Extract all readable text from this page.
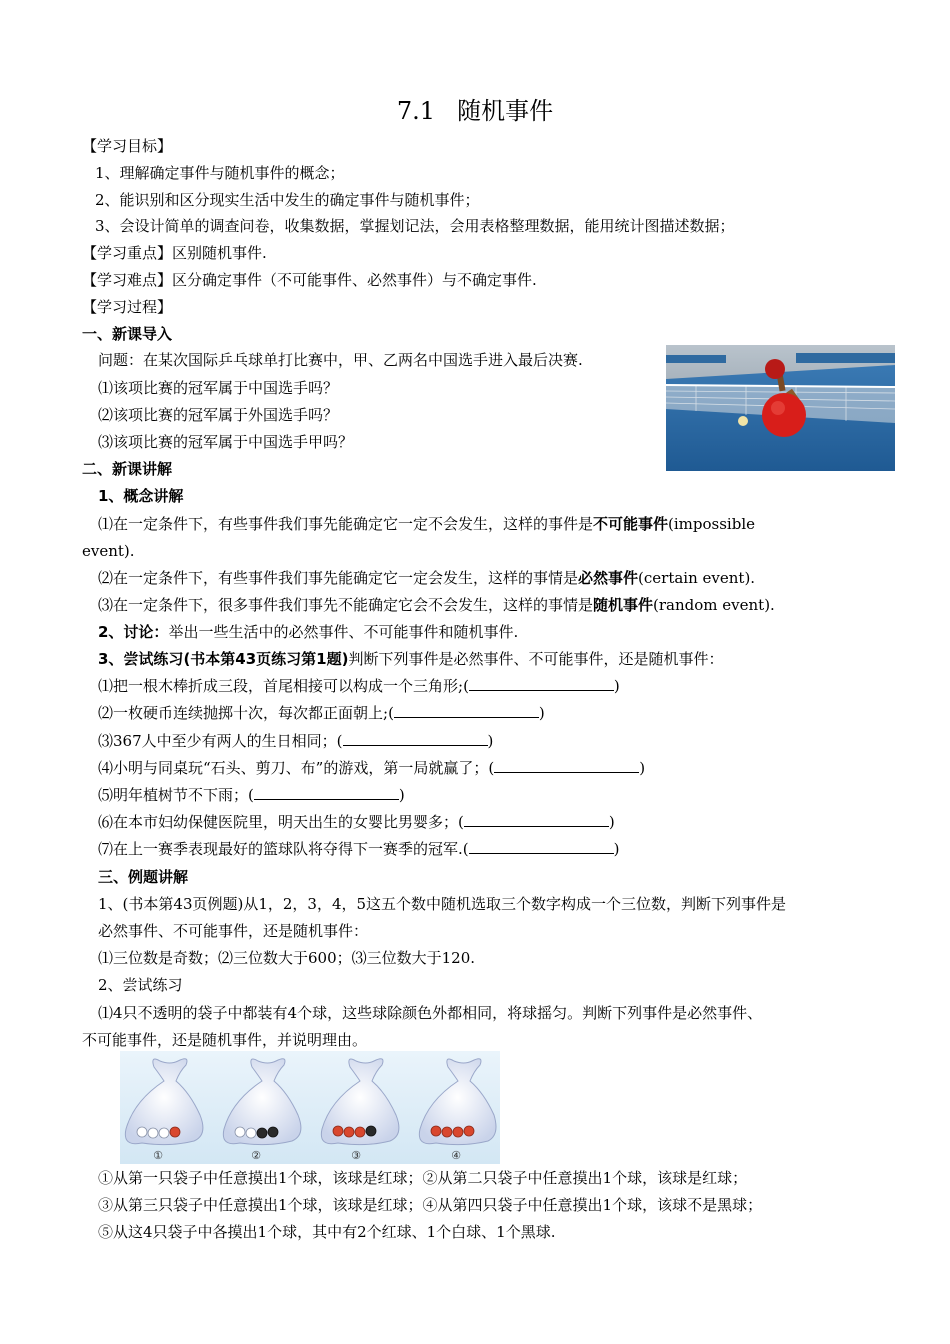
7.1 随机事件
【学习目标】
1、理解确定事件与随机事件的概念；
2、能识别和区分现实生活中发生的确定事件与随机事件；
3、会设计简单的调查问卷，收集数据，掌握划记法，会用表格整理数据，能用统计图描述数据；
【学习重点】区别随机事件.
【学习难点】区分确定事件（不可能事件、必然事件）与不确定事件.
【学习过程】
一、新课导入
问题：在某次国际乒乓球单打比赛中，甲、乙两名中国选手进入最后决赛.
⑴该项比赛的冠军属于中国选手吗？
⑵该项比赛的冠军属于外国选手吗？
⑶该项比赛的冠军属于中国选手甲吗？
二、新课讲解
1、概念讲解
⑴在一定条件下，有些事件我们事先能确定它一定不会发生，这样的事件是不可能事件(impossible
event).
⑵在一定条件下，有些事件我们事先能确定它一定会发生，这样的事情是必然事件(certain event).
⑶在一定条件下，很多事件我们事先不能确定它会不会发生，这样的事情是随机事件(random event).
2、讨论：举出一些生活中的必然事件、不可能事件和随机事件.
3、尝试练习(书本第43页练习第1题)判断下列事件是必然事件、不可能事件，还是随机事件：
⑴把一根木棒折成三段，首尾相接可以构成一个三角形;(	)
⑵一枚硬币连续抛掷十次，每次都正面朝上;(	)
⑶367人中至少有两人的生日相同；(	)
⑷小明与同桌玩“石头、剪刀、布”的游戏，第一局就赢了；(	)
⑸明年植树节不下雨；(	)
⑹在本市妇幼保健医院里，明天出生的女婴比男婴多；(	)
⑺在上一赛季表现最好的篮球队将夺得下一赛季的冠军.(	)
三、例题讲解
1、(书本第43页例题)从1，2，3，4，5这五个数中随机选取三个数字构成一个三位数，判断下列事件是
必然事件、不可能事件，还是随机事件：
⑴三位数是奇数；⑵三位数大于600；⑶三位数大于120.
2、尝试练习
⑴4只不透明的袋子中都装有4个球，这些球除颜色外都相同，将球摇匀。判断下列事件是必然事件、
不可能事件，还是随机事件，并说明理由。
①	②	③	④
①从第一只袋子中任意摸出1个球，该球是红球；②从第二只袋子中任意摸出1个球，该球是红球；
③从第三只袋子中任意摸出1个球，该球是红球；④从第四只袋子中任意摸出1个球，该球不是黑球；
⑤从这4只袋子中各摸出1个球，其中有2个红球、1个白球、1个黑球.
